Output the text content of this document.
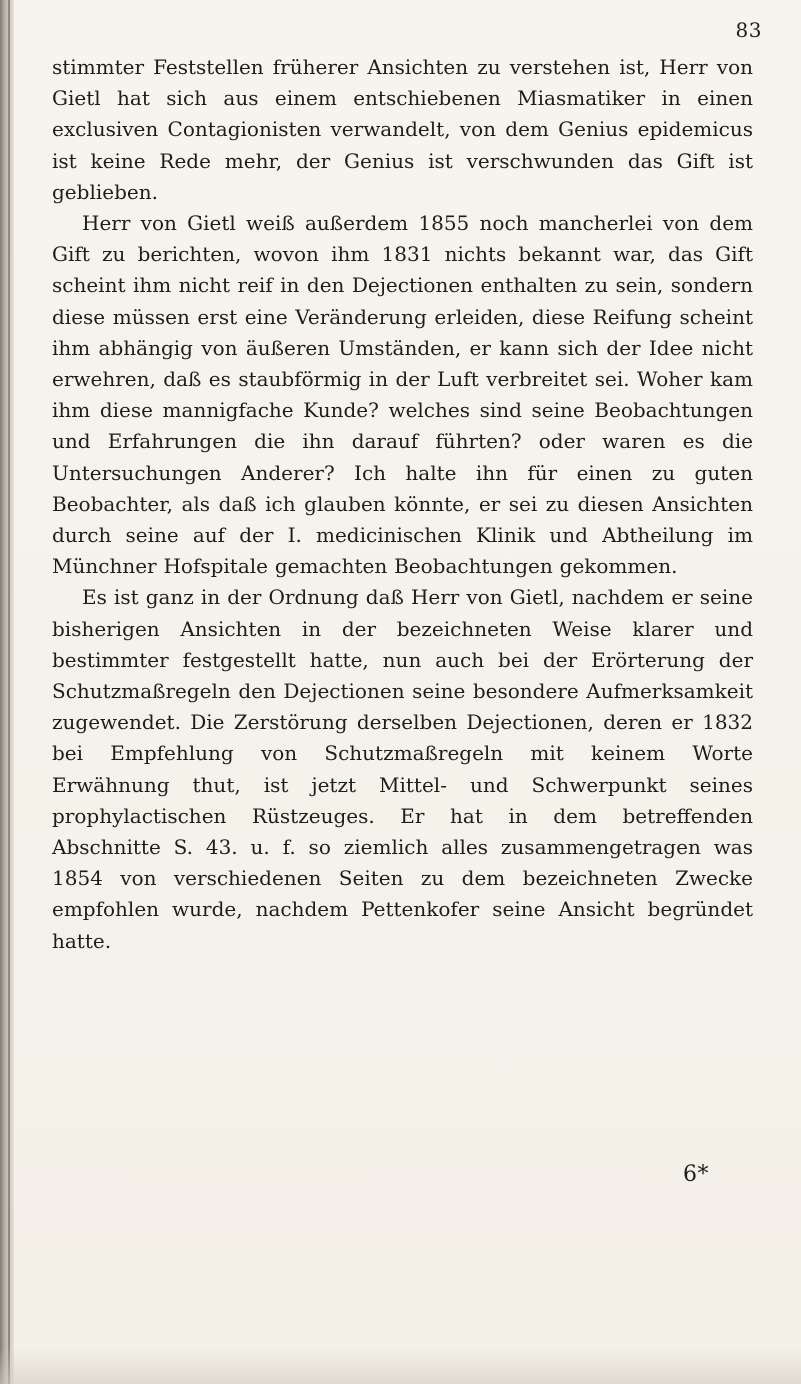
83

stimmter Feststellen früherer Ansichten zu verstehen ist, Herr von Gietl hat sich aus einem entschiebenen Miasmatiker in einen exclusiven Contagionisten verwandelt, von dem Genius epidemicus ist keine Rede mehr, der Genius ist verschwunden das Gift ist geblieben.

Herr von Gietl weiß außerdem 1855 noch mancherlei von dem Gift zu berichten, wovon ihm 1831 nichts bekannt war, das Gift scheint ihm nicht reif in den Dejectionen enthalten zu sein, sondern diese müssen erst eine Veränderung erleiden, diese Reifung scheint ihm abhängig von äußeren Umständen, er kann sich der Idee nicht erwehren, daß es staubförmig in der Luft verbreitet sei. Woher kam ihm diese mannigfache Kunde? welches sind seine Beobachtungen und Erfahrungen die ihn darauf führten? oder waren es die Untersuchungen Anderer? Ich halte ihn für einen zu guten Beobachter, als daß ich glauben könnte, er sei zu diesen Ansichten durch seine auf der I. medicinischen Klinik und Abtheilung im Münchner Hofspitale gemachten Beobachtungen gekommen.

Es ist ganz in der Ordnung daß Herr von Gietl, nachdem er seine bisherigen Ansichten in der bezeichneten Weise klarer und bestimmter festgestellt hatte, nun auch bei der Erörterung der Schutzmaßregeln den Dejectionen seine besondere Aufmerksamkeit zugewendet. Die Zerstörung derselben Dejectionen, deren er 1832 bei Empfehlung von Schutzmaßregeln mit keinem Worte Erwähnung thut, ist jetzt Mittel- und Schwerpunkt seines prophylactischen Rüstzeuges. Er hat in dem betreffenden Abschnitte S. 43. u. f. so ziemlich alles zusammengetragen was 1854 von verschiedenen Seiten zu dem bezeichneten Zwecke empfohlen wurde, nachdem Pettenkofer seine Ansicht begründet hatte.

6*
